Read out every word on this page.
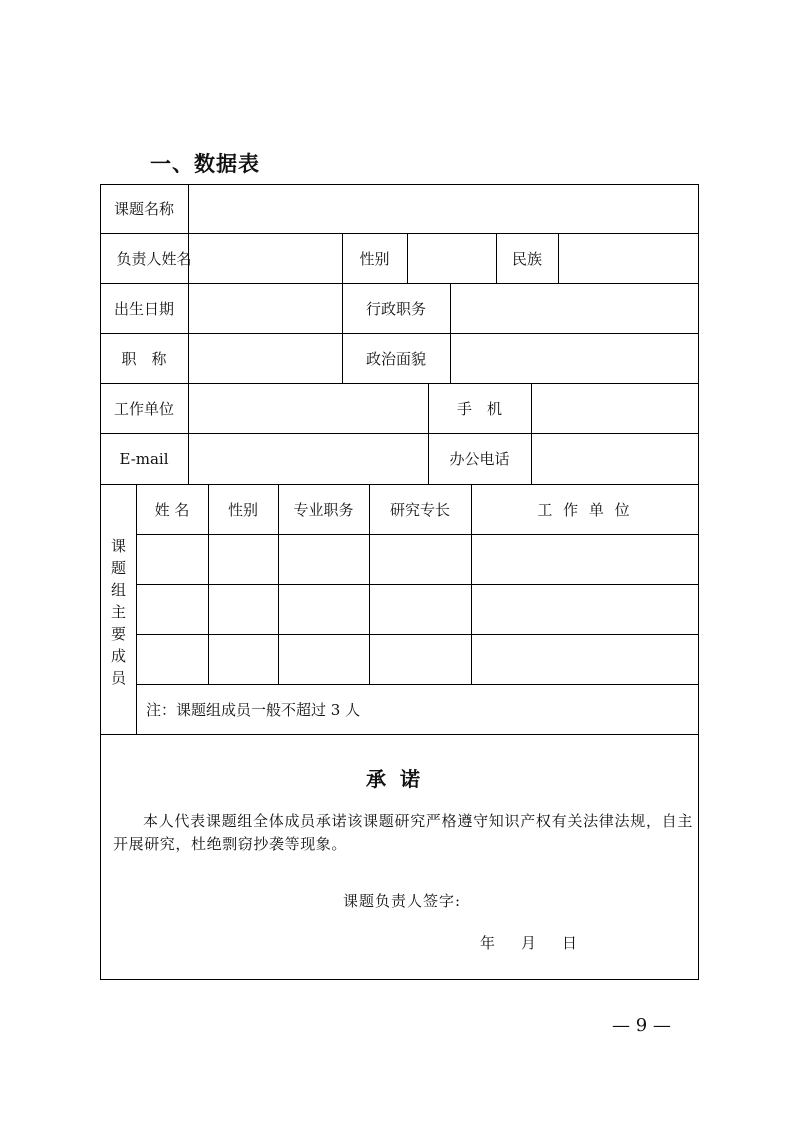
一、数据表
课题名称
负责人姓名	性别	民族
出生日期	行政职务
职　称	政治面貌
工作单位	手　机
E-mail	办公电话
课
题
组
主
要
成
员
姓 名	性别	专业职务	研究专长	工 作 单 位
注：课题组成员一般不超过 3 人
承诺
本人代表课题组全体成员承诺该课题研究严格遵守知识产权有关法律法规，自主开展研究，杜绝剽窃抄袭等现象。
课题负责人签字:
年 月 日
— 9 —
